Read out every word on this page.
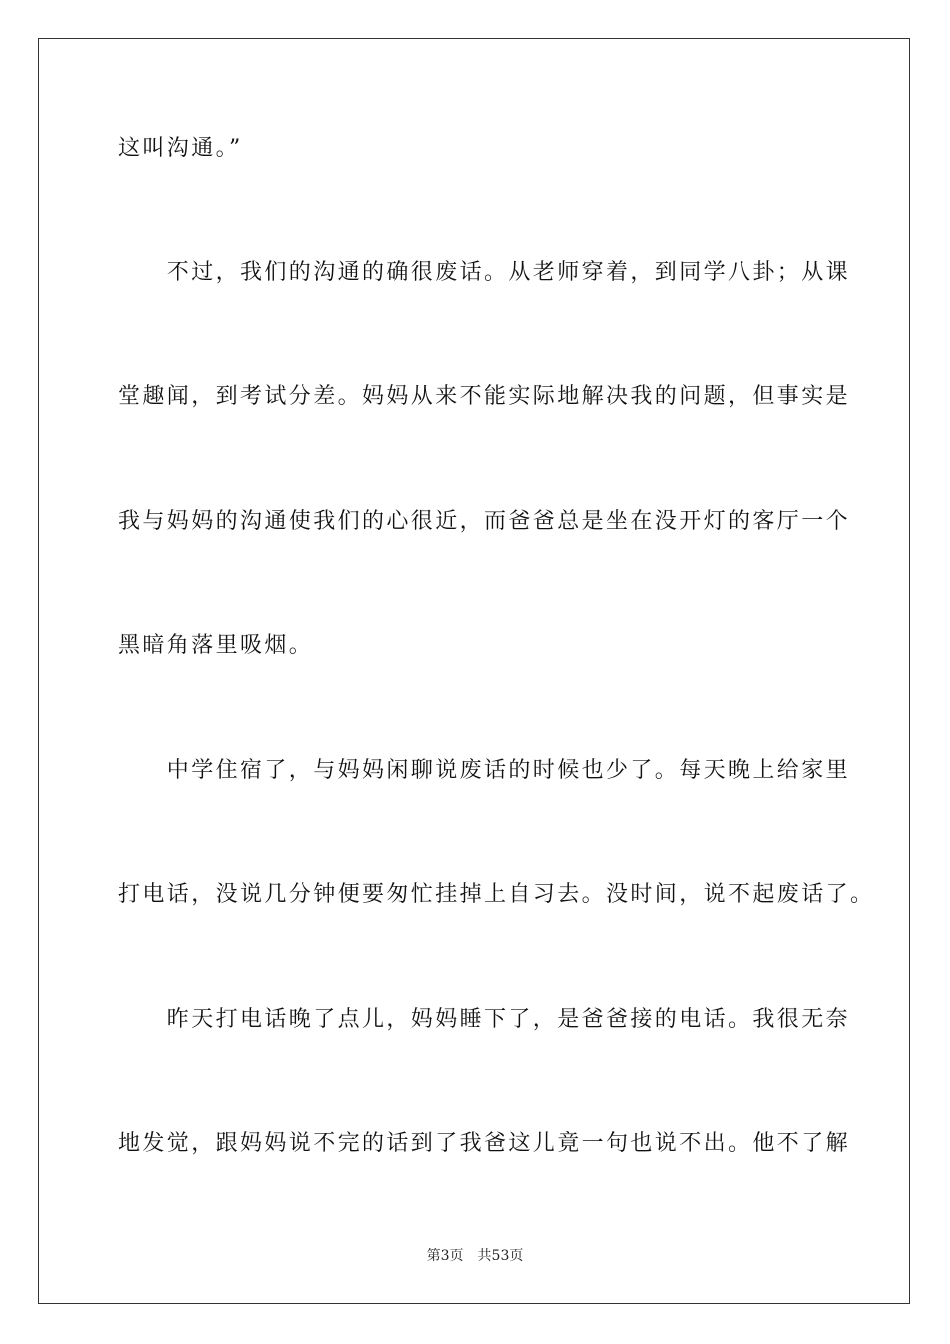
这叫沟通。”
　　不过，我们的沟通的确很废话。从老师穿着，到同学八卦；从课
堂趣闻，到考试分差。妈妈从来不能实际地解决我的问题，但事实是
我与妈妈的沟通使我们的心很近，而爸爸总是坐在没开灯的客厅一个
黑暗角落里吸烟。
　　中学住宿了，与妈妈闲聊说废话的时候也少了。每天晚上给家里
打电话，没说几分钟便要匆忙挂掉上自习去。没时间，说不起废话了。
　　昨天打电话晚了点儿，妈妈睡下了，是爸爸接的电话。我很无奈
地发觉，跟妈妈说不完的话到了我爸这儿竟一句也说不出。他不了解
第3页 共53页
